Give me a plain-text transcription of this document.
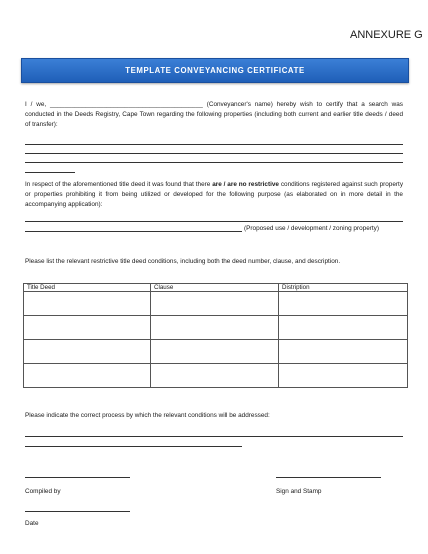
ANNEXURE G
TEMPLATE CONVEYANCING CERTIFICATE
I / we, ___________________________________________ (Conveyancer's name) hereby wish to certify that a search was conducted in the Deeds Registry, Cape Town regarding the following properties (including both current and earlier title deeds / deed of transfer):
In respect of the aforementioned title deed it was found that there are / are no restrictive conditions registered against such property or properties prohibiting it from being utilized or developed for the following purpose (as elaborated on in more detail in the accompanying application):
(Proposed use / development / zoning property)
Please list the relevant restrictive title deed conditions, including both the deed number, clause, and description.
Title Deed	Clause	Distription

Please indicate the correct process by which the relevant conditions will be addressed:
Compiled by	Sign and Stamp
Date
